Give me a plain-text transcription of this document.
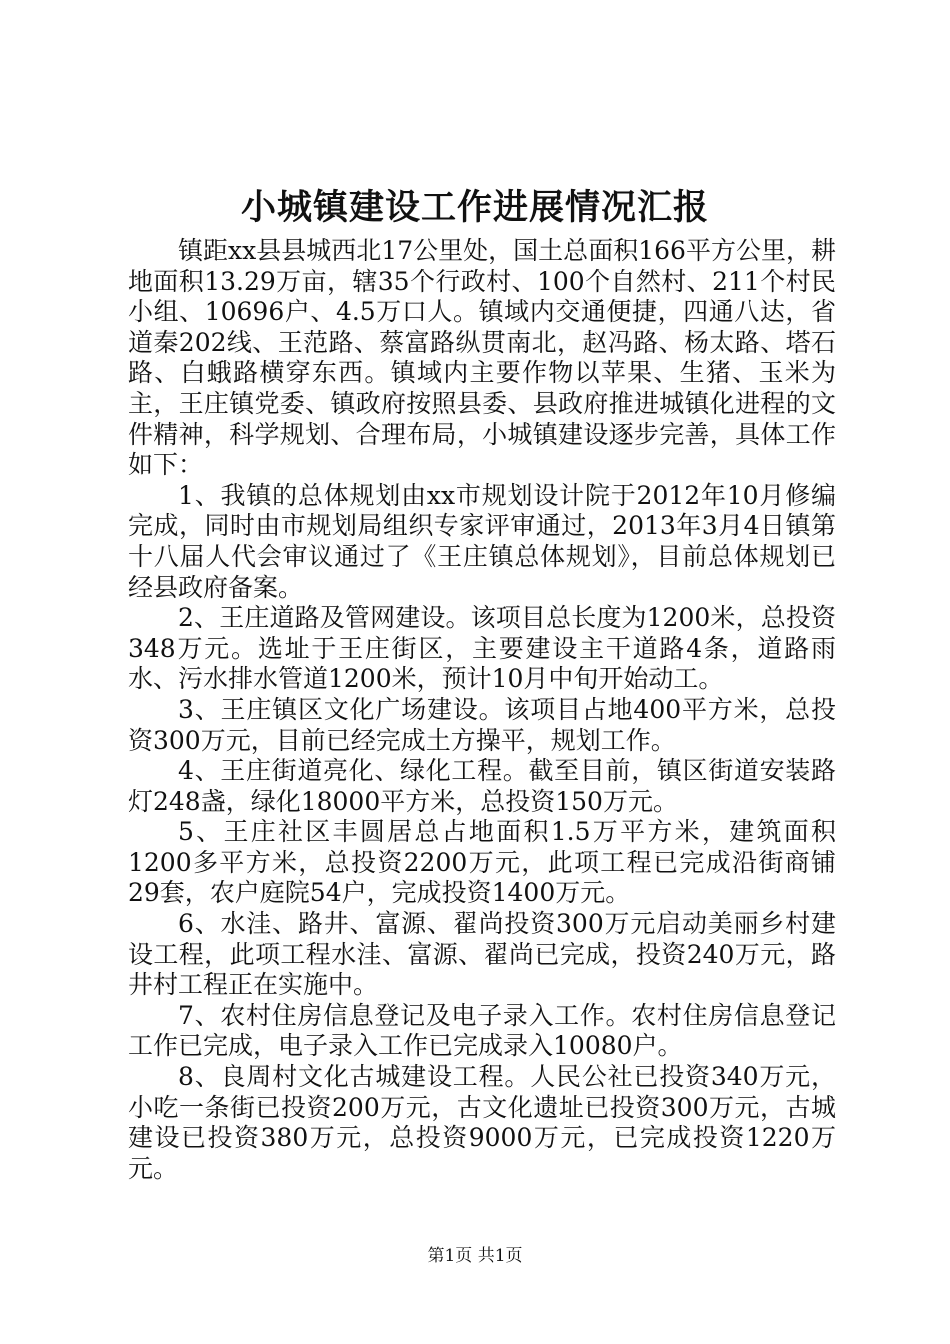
小城镇建设工作进展情况汇报

镇距xx县县城西北17公里处，国土总面积166平方公里，耕地面积13.29万亩，辖35个行政村、100个自然村、211个村民小组、10696户、4.5万口人。镇域内交通便捷，四通八达，省道秦202线、王范路、蔡富路纵贯南北，赵冯路、杨太路、塔石路、白蛾路横穿东西。镇域内主要作物以苹果、生猪、玉米为主，王庄镇党委、镇政府按照县委、县政府推进城镇化进程的文件精神，科学规划、合理布局，小城镇建设逐步完善，具体工作如下：

1、我镇的总体规划由xx市规划设计院于2012年10月修编完成，同时由市规划局组织专家评审通过，2013年3月4日镇第十八届人代会审议通过了《王庄镇总体规划》，目前总体规划已经县政府备案。

2、王庄道路及管网建设。该项目总长度为1200米，总投资348万元。选址于王庄街区，主要建设主干道路4条，道路雨水、污水排水管道1200米，预计10月中旬开始动工。

3、王庄镇区文化广场建设。该项目占地400平方米，总投资300万元，目前已经完成土方操平，规划工作。

4、王庄街道亮化、绿化工程。截至目前，镇区街道安装路灯248盏，绿化18000平方米，总投资150万元。

5、王庄社区丰圆居总占地面积1.5万平方米，建筑面积1200多平方米，总投资2200万元，此项工程已完成沿街商铺29套，农户庭院54户，完成投资1400万元。

6、水洼、路井、富源、翟尚投资300万元启动美丽乡村建设工程，此项工程水洼、富源、翟尚已完成，投资240万元，路井村工程正在实施中。

7、农村住房信息登记及电子录入工作。农村住房信息登记工作已完成，电子录入工作已完成录入10080户。

8、良周村文化古城建设工程。人民公社已投资340万元，小吃一条街已投资200万元，古文化遗址已投资300万元，古城建设已投资380万元，总投资9000万元，已完成投资1220万元。

第1页 共1页
